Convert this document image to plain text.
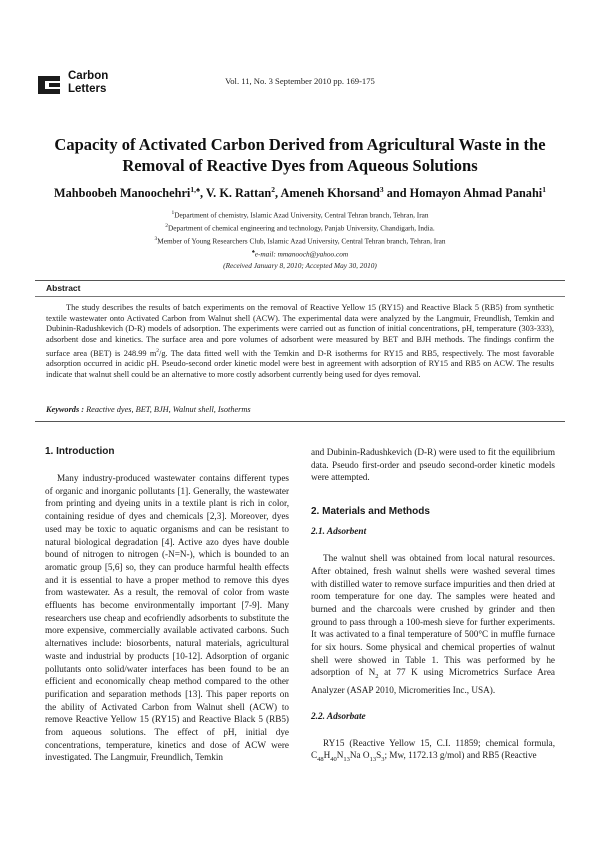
Carbon
Letters
Vol. 11, No. 3 September 2010 pp. 169-175
Capacity of Activated Carbon Derived from Agricultural Waste in the
Removal of Reactive Dyes from Aqueous Solutions
Mahboobeh Manoochehri$^{1,♠}$, V. K. Rattan$^2$, Ameneh Khorsand$^3$ and Homayon Ahmad Panahi$^1$
$^1$Department of chemistry, Islamic Azad University, Central Tehran branch, Tehran, Iran
$^2$Department of chemical engineering and technology, Panjab University, Chandigarh, India.
$^3$Member of Young Researchers Club, Islamic Azad University, Central Tehran branch, Tehran, Iran
♠e-mail: mmanooch@yahoo.com
(Received January 8, 2010; Accepted May 30, 2010)
Abstract
The study describes the results of batch experiments on the removal of Reactive Yellow 15 (RY15) and Reactive Black 5 (RB5) from synthetic textile wastewater onto Activated Carbon from Walnut shell (ACW). The experimental data were analyzed by the Langmuir, Freundlish, Temkin and Dubinin-Radushkevich (D-R) models of adsorption. The experiments were carried out as function of initial concentrations, pH, temperature (303-333), adsorbent dose and kinetics. The surface area and pore volumes of adsorbent were measured by BET and BJH methods. The findings confirm the surface area (BET) is 248.99 $m^2/g$. The data fitted well with the Temkin and D-R isotherms for RY15 and RB5, respectively. The most favorable adsorption occurred in acidic pH. Pseudo-second order kinetic model were best in agreement with adsorption of RY15 and RB5 on ACW. The results indicate that walnut shell could be an alternative to more costly adsorbent currently being used for dyes removal.
Keywords : Reactive dyes, BET, BJH, Walnut shell, Isotherms
1. Introduction

Many industry-produced wastewater contains different types of organic and inorganic pollutants [1]. Generally, the wastewater from printing and dyeing units in a textile plant is rich in color, containing residue of dyes and chemicals [2,3]. Moreover, dyes used may be toxic to aquatic organisms and can be resistant to natural biological degradation [4]. Active azo dyes have double bound of nitrogen to nitrogen (-N=N-), which is bounded to an aromatic group [5,6] so, they can produce harmful health effects and it is essential to have a proper method to remove this dyes from wastewater. As a result, the removal of color from waste effluents has become environmentally important [7-9]. Many researchers use cheap and ecofriendly adsorbents to substitute the more expensive, commercially available activated carbons. Such alternatives include: biosorbents, natural materials, agricultural waste and industrial by products [10-12]. Adsorption of organic pollutants onto solid/water interfaces has been found to be an efficient and economically cheap method compared to the other purification and separation methods [13]. This paper reports on the ability of Activated Carbon from Walnut shell (ACW) to remove Reactive Yellow 15 (RY15) and Reactive Black 5 (RB5) from aqueous solutions. The effect of pH, initial dye concentrations, temperature, kinetics and dose of ACW were investigated. The Langmuir, Freundlich, Temkin

and Dubinin-Radushkevich (D-R) were used to fit the equilibrium data. Pseudo first-order and pseudo second-order kinetic models were attempted.

2. Materials and Methods
2.1. Adsorbent

The walnut shell was obtained from local natural resources. After obtained, fresh walnut shells were washed several times with distilled water to remove surface impurities and then dried at room temperature for one day. The samples were heated and burned and the charcoals were crushed by grinder and then ground to pass through a 100-mesh sieve for further experiments. It was activated to a final temperature of 500°C in muffle furnace for six hours. Some physical and chemical properties of walnut shell were showed in Table 1. This was performed by he adsorption of $N_2$ at 77 K using Micrometrics Surface Area Analyzer (ASAP 2010, Micromerities Inc., USA).

2.2. Adsorbate

RY15 (Reactive Yellow 15, C.I. 11859; chemical formula, $C_{48}H_{40}N_{13}Na$ $O_{13}S_3$; Mw, 1172.13 g/mol) and RB5 (Reactive
